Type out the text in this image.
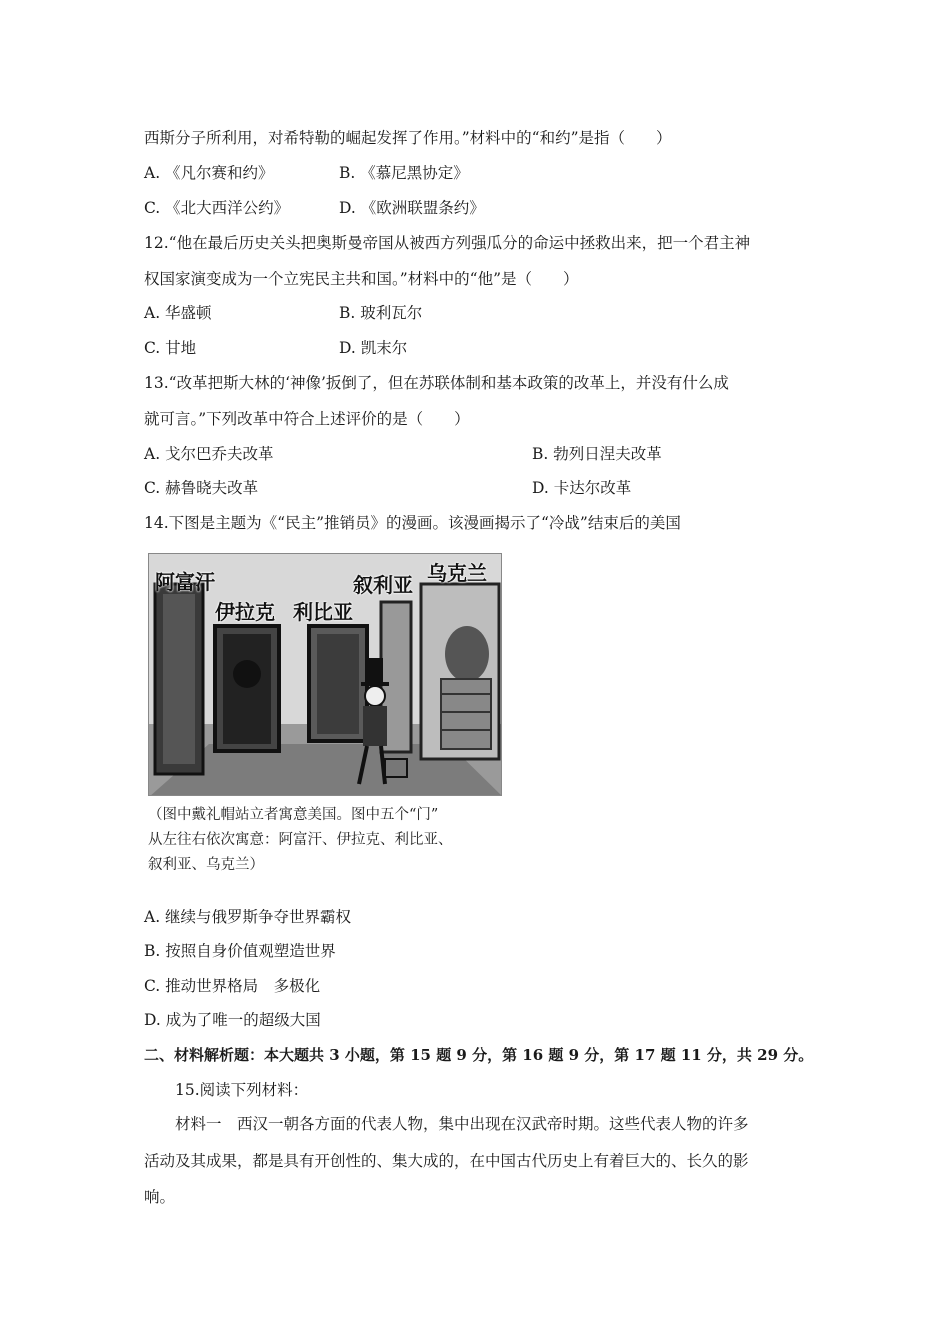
西斯分子所利用，对希特勒的崛起发挥了作用。”材料中的“和约”是指（　　）
A. 《凡尔赛和约》	B. 《慕尼黑协定》
C. 《北大西洋公约》	D. 《欧洲联盟条约》
12.“他在最后历史关头把奥斯曼帝国从被西方列强瓜分的命运中拯救出来，把一个君主神
权国家演变成为一个立宪民主共和国。”材料中的“他”是（　　）
A. 华盛顿	B. 玻利瓦尔
C. 甘地	D. 凯末尔
13.“改革把斯大林的‘神像’扳倒了，但在苏联体制和基本政策的改革上，并没有什么成
就可言。”下列改革中符合上述评价的是（　　）
A. 戈尔巴乔夫改革	B. 勃列日涅夫改革
C. 赫鲁晓夫改革	D. 卡达尔改革
14.下图是主题为《“民主”推销员》的漫画。该漫画揭示了“冷战”结束后的美国
阿富汗
伊拉克 利比亚
叙利亚 乌克兰
（图中戴礼帽站立者寓意美国。图中五个“门”
从左往右依次寓意：阿富汗、伊拉克、利比亚、
叙利亚、乌克兰）
A. 继续与俄罗斯争夺世界霸权
B. 按照自身价值观塑造世界
C. 推动世界格局　多极化
D. 成为了唯一的超级大国
二、材料解析题：本大题共 3 小题，第 15 题 9 分，第 16 题 9 分，第 17 题 11 分，共 29 分。
15.阅读下列材料：
材料一　西汉一朝各方面的代表人物，集中出现在汉武帝时期。这些代表人物的许多
活动及其成果，都是具有开创性的、集大成的，在中国古代历史上有着巨大的、长久的影
响。
